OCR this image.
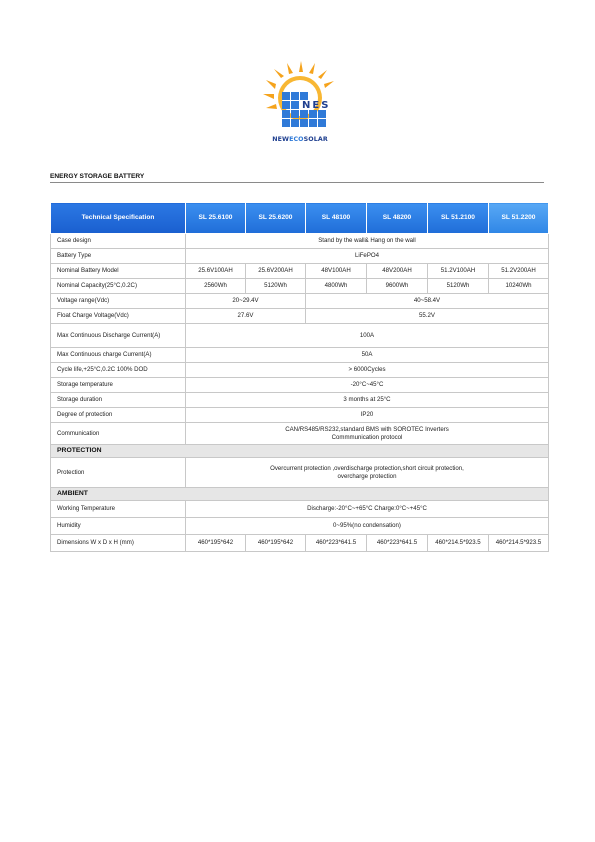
NES
NEWECOSOLAR
ENERGY STORAGE BATTERY
Technical Specification	SL 25.6100	SL 25.6200	SL 48100	SL 48200	SL 51.2100	SL 51.2200
Case design	Stand by the wall& Hang on the wall					
Battery Type	LiFePO4					
Nominal Battery Model	25.6V100AH	25.6V200AH	48V100AH	48V200AH	51.2V100AH	51.2V200AH
Nominal Capacity(25°C,0.2C)	2560Wh	5120Wh	4800Wh	9600Wh	5120Wh	10240Wh
Voltage range(Vdc)	20~29.4V		40~58.4V			
Float Charge Voltage(Vdc)	27.6V		55.2V			
Max Continuous Discharge Current(A)	100A					
Max Continuous charge Current(A)	50A					
Cycle life,+25°C,0.2C 100% DOD	> 6000Cycles					
Storage temperature	-20°C~45°C					
Storage duration	3 months at 25°C					
Degree of protection	IP20					
Communication	CAN/RS485/RS232,standard BMS with SOROTEC Inverters
Commmunication protocol					

PROTECTION						
Protection	Overcurrent protection ,overdischarge protection,short circuit protection,
overcharge protection					

AMBIENT						
Working Temperature	Discharge:-20°C~+65°C Charge:0°C~+45°C					
Humidity	0~95%(no condensation)					
Dimensions W x D x H (mm)	460*195*642	460*195*642	460*223*641.5	460*223*641.5	460*214.5*923.5	460*214.5*923.5
